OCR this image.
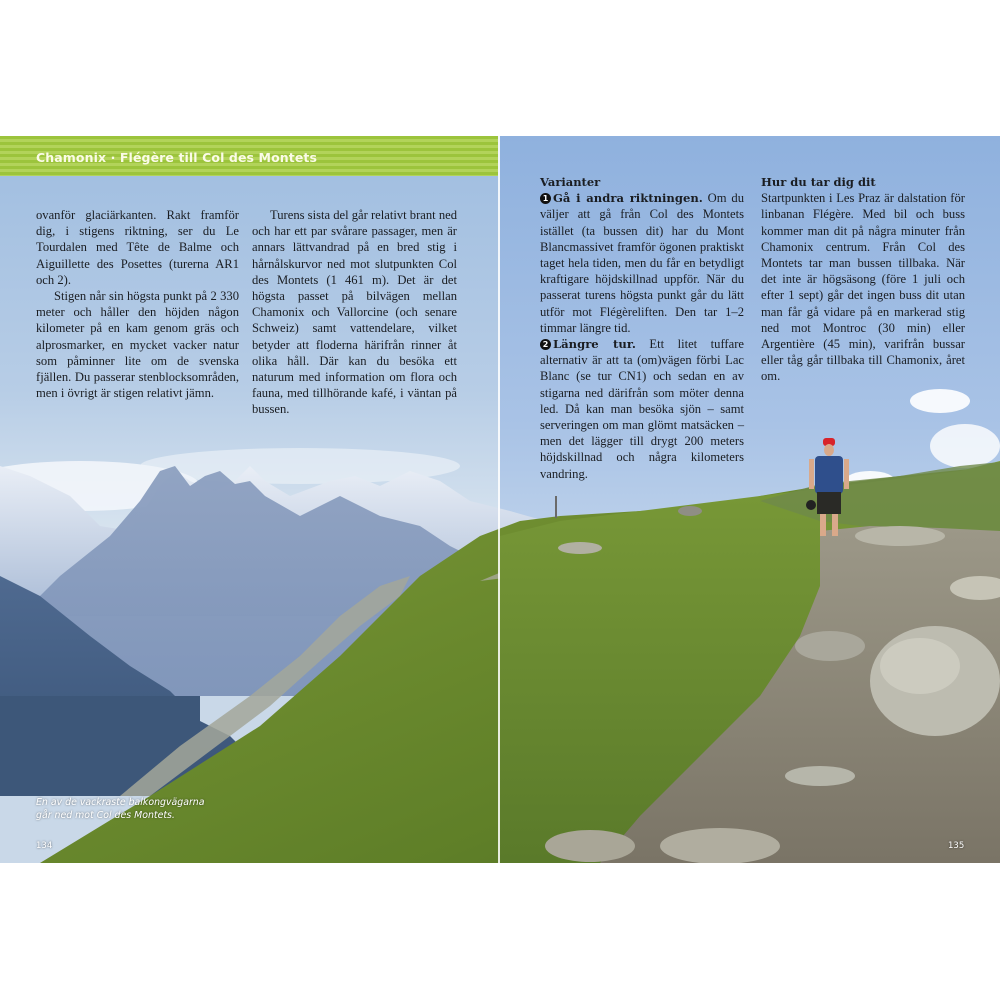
Chamonix · Flégère till Col des Montets

ovanför glaciärkanten. Rakt framför dig, i stigens riktning, ser du Le Tourdalen med Tête de Balme och Aiguillette des Posettes (turerna AR1 och 2).

Stigen når sin högsta punkt på 2 330 meter och håller den höjden någon kilometer på en kam genom gräs och alprosmarker, en mycket vacker natur som påminner lite om de svenska fjällen. Du passerar stenblocksområden, men i övrigt är stigen relativt jämn.

Turens sista del går relativt brant ned och har ett par svårare passager, men är annars lättvandrad på en bred stig i hårnålskurvor ned mot slutpunkten Col des Montets (1 461 m). Det är det högsta passet på bilvägen mellan Chamonix och Vallorcine (och senare Schweiz) samt vattendelare, vilket betyder att floderna härifrån rinner åt olika håll. Där kan du besöka ett naturum med information om flora och fauna, med tillhörande kafé, i väntan på bussen.

En av de vackraste balkongvägarna
går ned mot Col des Montets.
134
Varianter

1 Gå i andra riktningen. Om du väljer att gå från Col des Montets istället (ta bussen dit) har du Mont Blancmassivet framför ögonen praktiskt taget hela tiden, men du får en betydligt kraftigare höjdskillnad uppför. När du passerat turens högsta punkt går du lätt utför mot Flégèreliften. Den tar 1–2 timmar längre tid.

2 Längre tur. Ett litet tuffare alternativ är att ta (om)vägen förbi Lac Blanc (se tur CN1) och sedan en av stigarna ned därifrån som möter denna led. Då kan man besöka sjön – samt serveringen om man glömt matsäcken – men det lägger till drygt 200 meters höjdskillnad och några kilometers vandring.

Hur du tar dig dit

Startpunkten i Les Praz är dalstation för linbanan Flégère. Med bil och buss kommer man dit på några minuter från Chamonix centrum. Från Col des Montets tar man bussen tillbaka. När det inte är högsäsong (före 1 juli och efter 1 sept) går det ingen buss dit utan man får gå vidare på en markerad stig ned mot Montroc (30 min) eller Argentière (45 min), varifrån bussar eller tåg går tillbaka till Chamonix, året om.

135
